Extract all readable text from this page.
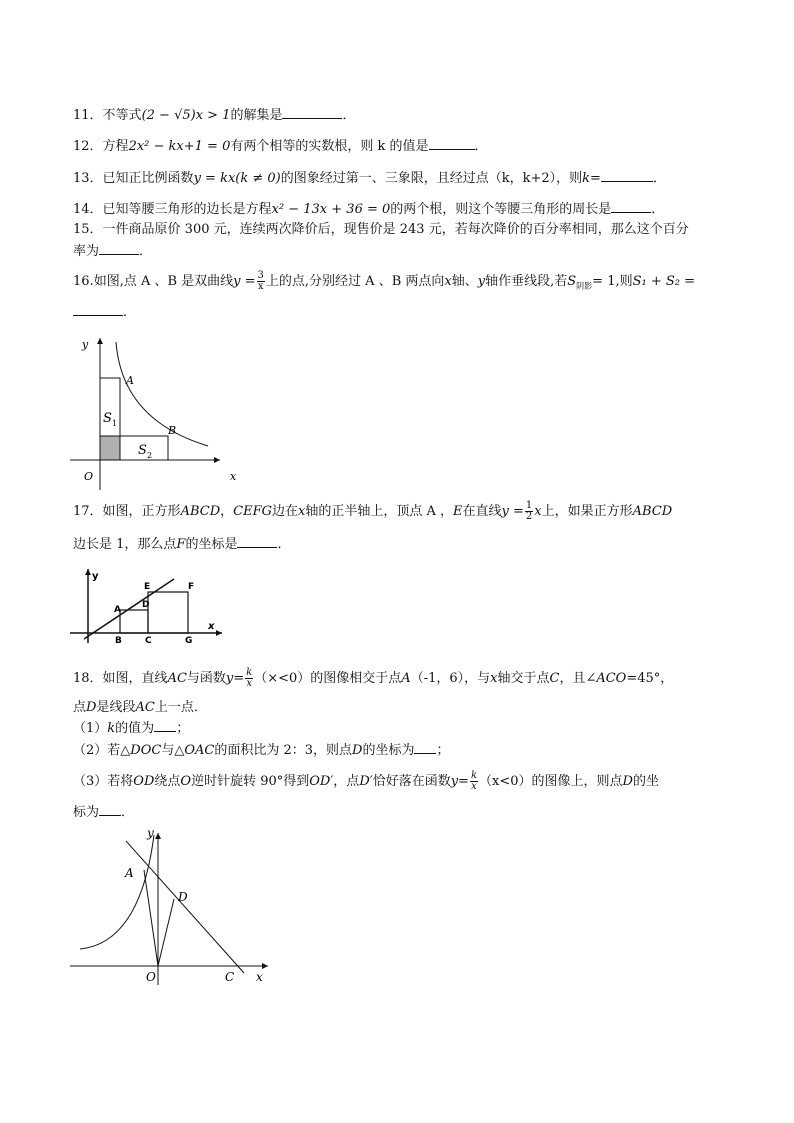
11．不等式(2 − √5)x > 1的解集是	．
12．方程2x² − kx+1 = 0有两个相等的实数根，则 k 的值是	．
13．已知正比例函数y = kx(k ≠ 0)的图象经过第一、三象限，且经过点（k，k+2），则k=	．
14．已知等腰三角形的边长是方程x² − 13x + 36 = 0的两个根，则这个等腰三角形的周长是	．
15．一件商品原价 300 元，连续两次降价后，现售价是 243 元，若每次降价的百分率相同，那么这个百分
率为	．
16.如图,点 A 、B 是双曲线$y = \frac{3}{x}$ 上的点,分别经过 A 、B 两点向x轴、y轴作垂线段,若$S_{阴影}= 1$,则S₁ + S₂ =
．
y
x
O
A
B
S 1
S 2
17．如图，正方形ABCD，CEFG边在x轴的正半轴上，顶点 A ，E在直线$y = \frac{1}{2}$ x上，如果正方形ABCD
边长是 1，那么点F的坐标是	．
y
x
A
B	C
D
E	F
G
18．如图，直线AC与函数$y= \frac{k}{x} (\times<0)$的图像相交于点A（-1，6），与x轴交于点C，且∠ACO=45°，
点D是线段AC上一点．
（1）k的值为 ；
（2）若△DOC与△OAC的面积比为 2：3，则点D的坐标为 ；
（3）若将OD绕点O逆时针旋转 90°得到OD′，点D′恰好落在函数$y= \frac{k}{x} (x<0)$的图像上，则点D的坐
标为 ．
y
x
A
D
O	C
